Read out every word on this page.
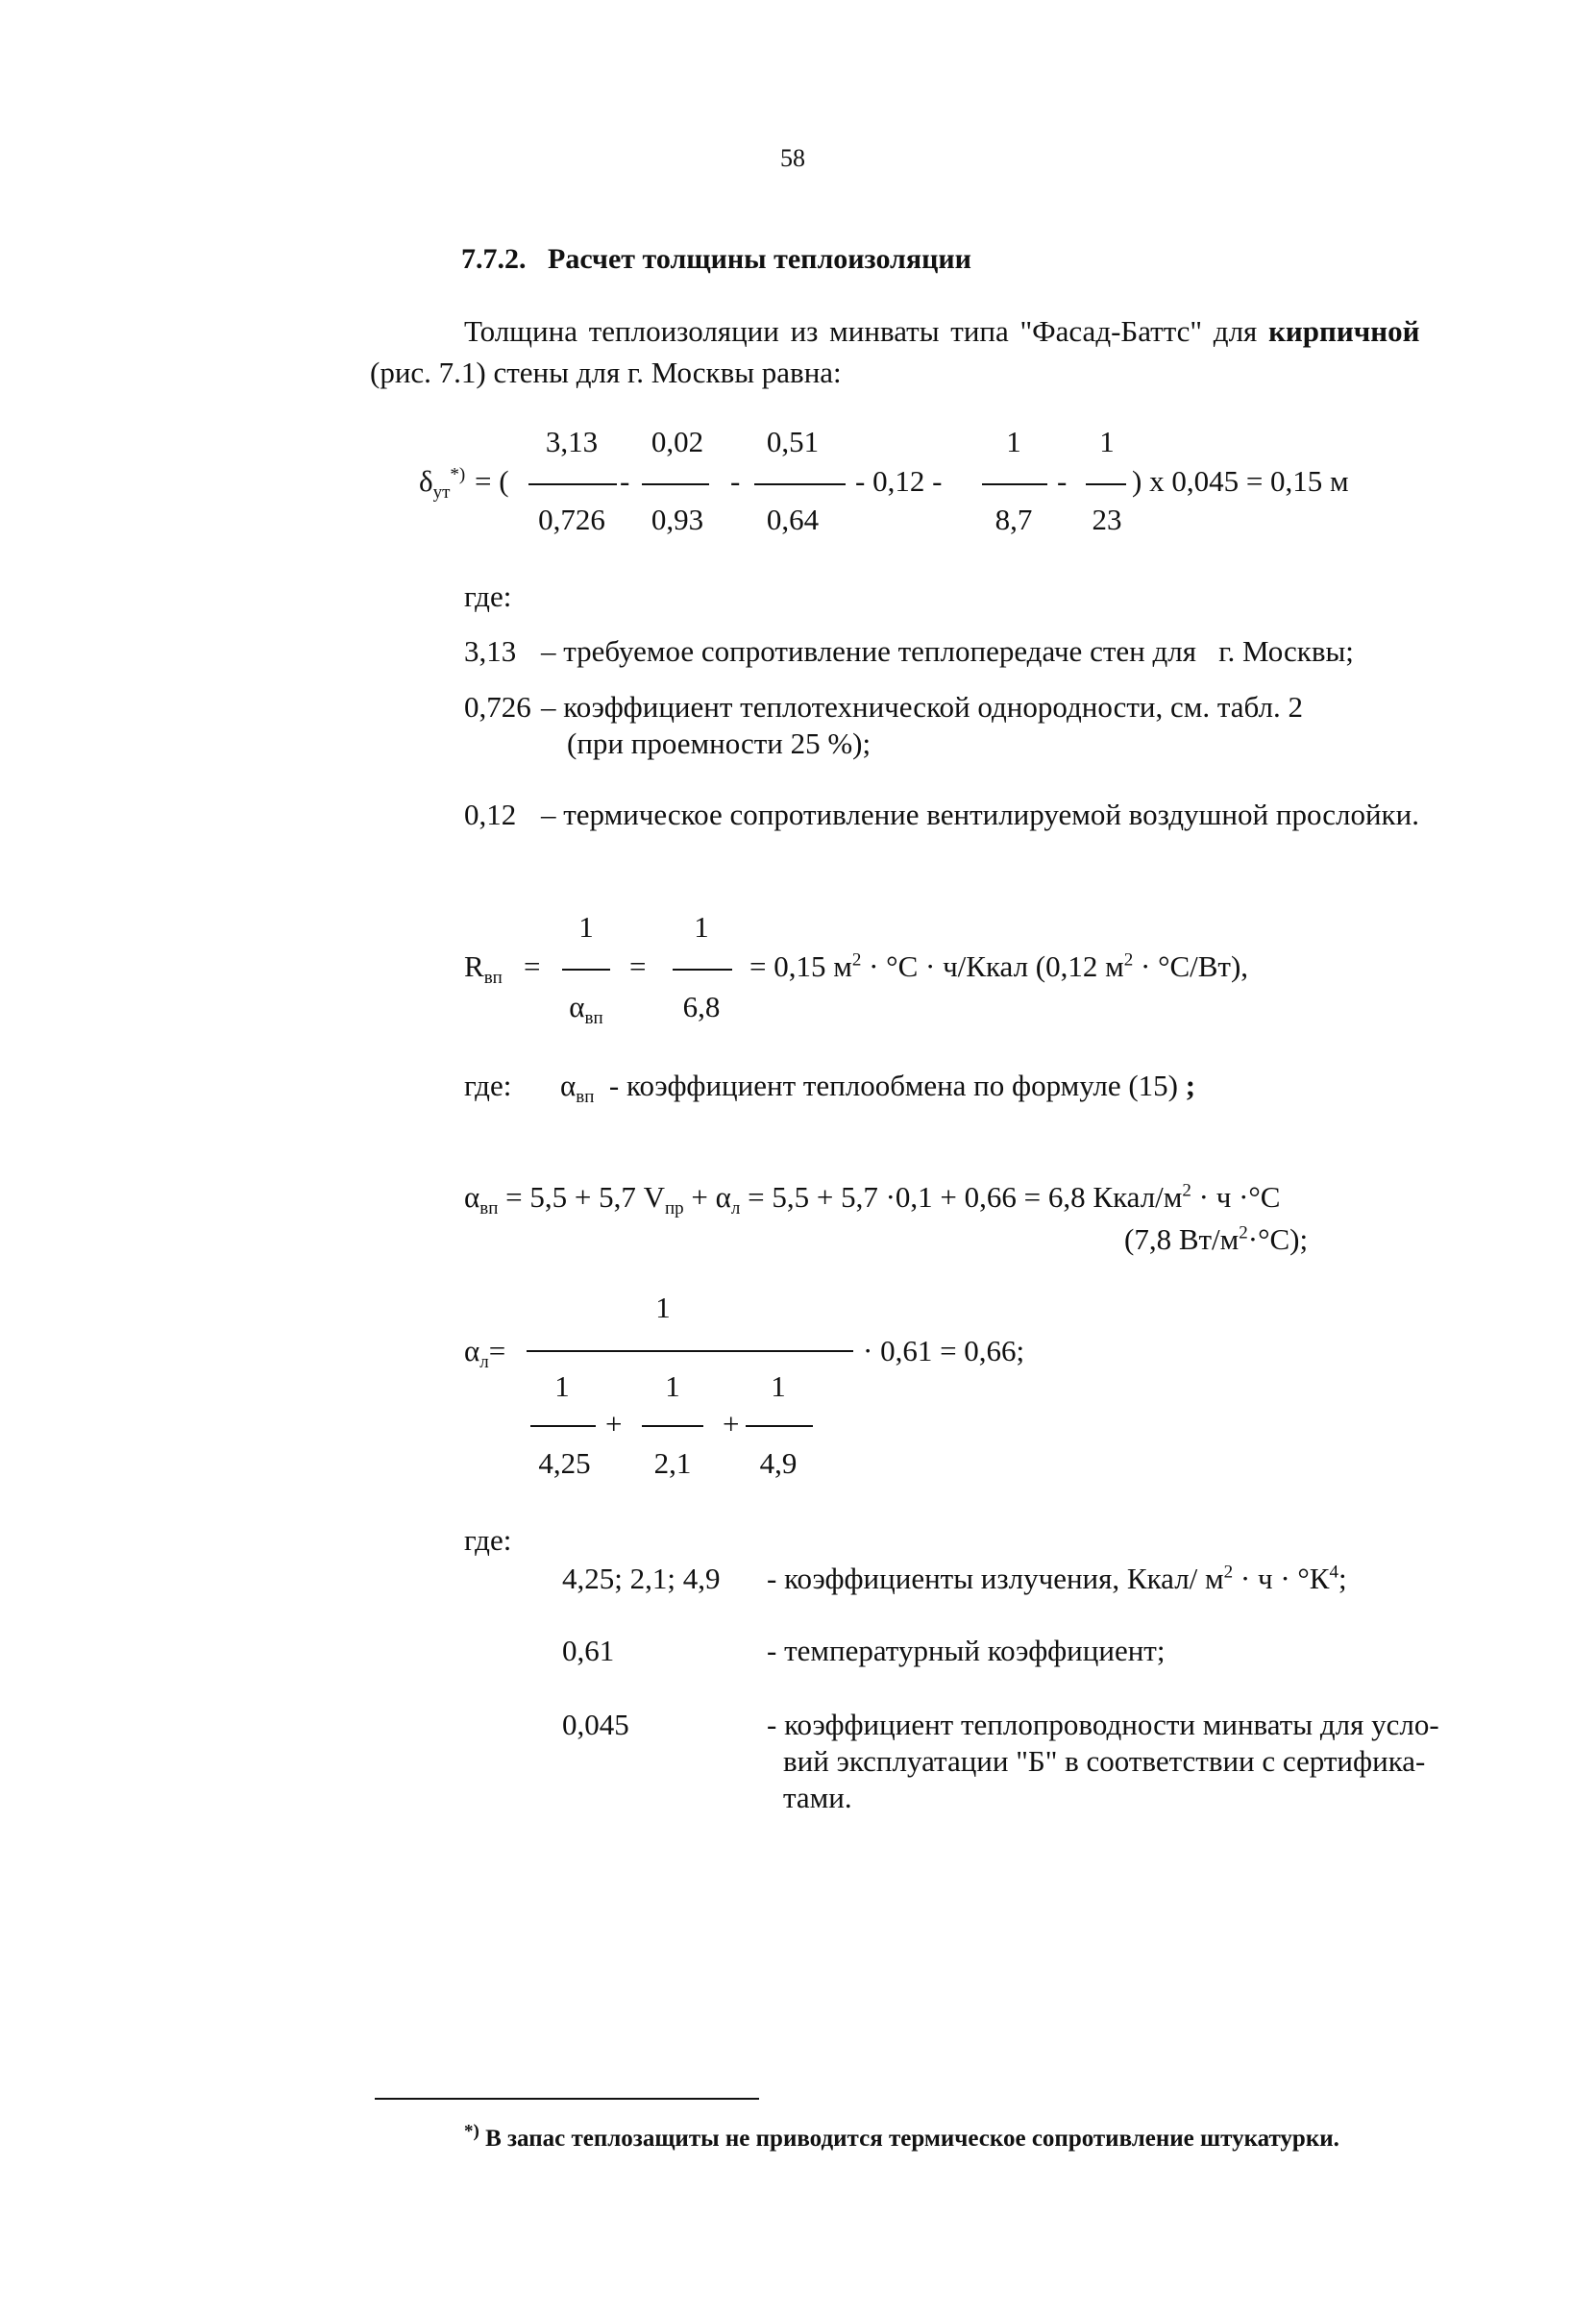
58
7.7.2. Расчет толщины теплоизоляции
Толщина теплоизоляции из минваты типа "Фасад-Баттс" для кирпичной
(рис. 7.1) стены для г. Москвы равна:
$\delta_{ут}^{*)}$ = (
3,13
0,726
-
0,02
0,93
-
0,51
0,64
- 0,12 -
1
8,7
-
1
23
) x 0,045 = 0,15 м
где:
3,13 – требуемое сопротивление теплопередаче стен для г. Москвы;
0,726 – коэффициент теплотехнической однородности, см. табл. 2
(при проемности 25 %);
0,12 – термическое сопротивление вентилируемой воздушной прослойки.
$R_{вп}$ =
1
$\alpha_{вп}$
=
1
6,8
= 0,15 $м^2 \cdot ^\circ С$ · ч/Ккал (0,12 $м^2 \cdot ^\circ С/Вт$),
где: $\alpha_{вп}$ - коэффициент теплообмена по формуле (15) ;
$\alpha_{вп} = 5,5 + 5,7$ $V_{пр} + \alpha_л = 5,5 + 5,7 \cdot 0,1 + 0,66 = 6,8$ Ккал/$м^2 \cdot ч \cdot^\circ С$
(7,8 $Вт/м^2\cdot^\circ С$);
$\alpha_л=$
1
1
4,25
+
1
2,1
+
1
4,9
· 0,61 = 0,66;
где:
4,25; 2,1; 4,9 - коэффициенты излучения, Ккал/ $м^2 \cdot ч \cdot ^\circ К^4$;
0,61	- температурный коэффициент;
0,045	- коэффициент теплопроводности минваты для усло-
вий эксплуатации "Б" в соответствии с сертифика-
тами.
*) В запас теплозащиты не приводится термическое сопротивление штукатурки.
